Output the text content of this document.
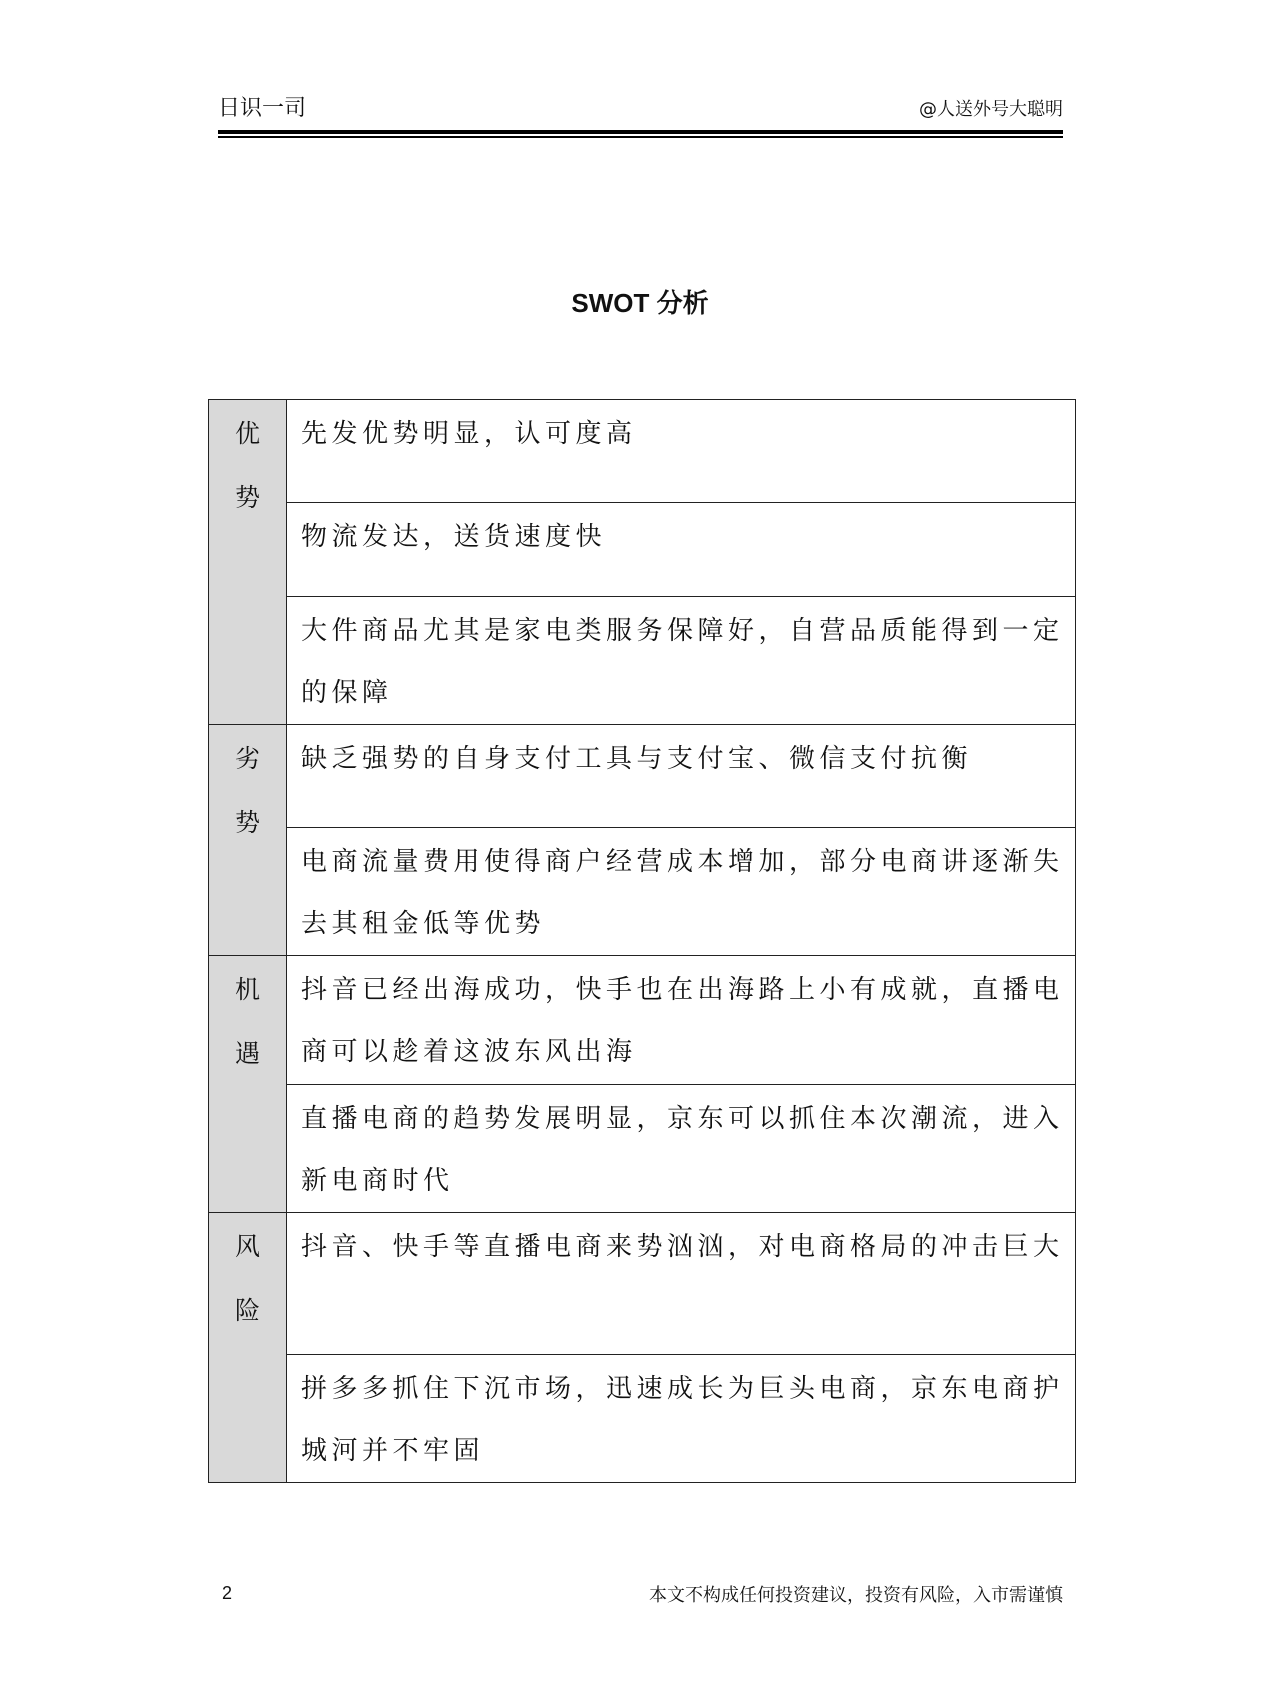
日识一司	@人送外号大聪明
SWOT 分析
优势	先发优势明显，认可度高

	物流发达，送货速度快

	大件商品尤其是家电类服务保障好，自营品质能得到一定的保障

劣势	缺乏强势的自身支付工具与支付宝、微信支付抗衡

	电商流量费用使得商户经营成本增加，部分电商讲逐渐失去其租金低等优势

机遇	抖音已经出海成功，快手也在出海路上小有成就，直播电商可以趁着这波东风出海

	直播电商的趋势发展明显，京东可以抓住本次潮流，进入新电商时代

风险	抖音、快手等直播电商来势汹汹，对电商格局的冲击巨大

	拼多多抓住下沉市场，迅速成长为巨头电商，京东电商护城河并不牢固
2	本文不构成任何投资建议，投资有风险，入市需谨慎
